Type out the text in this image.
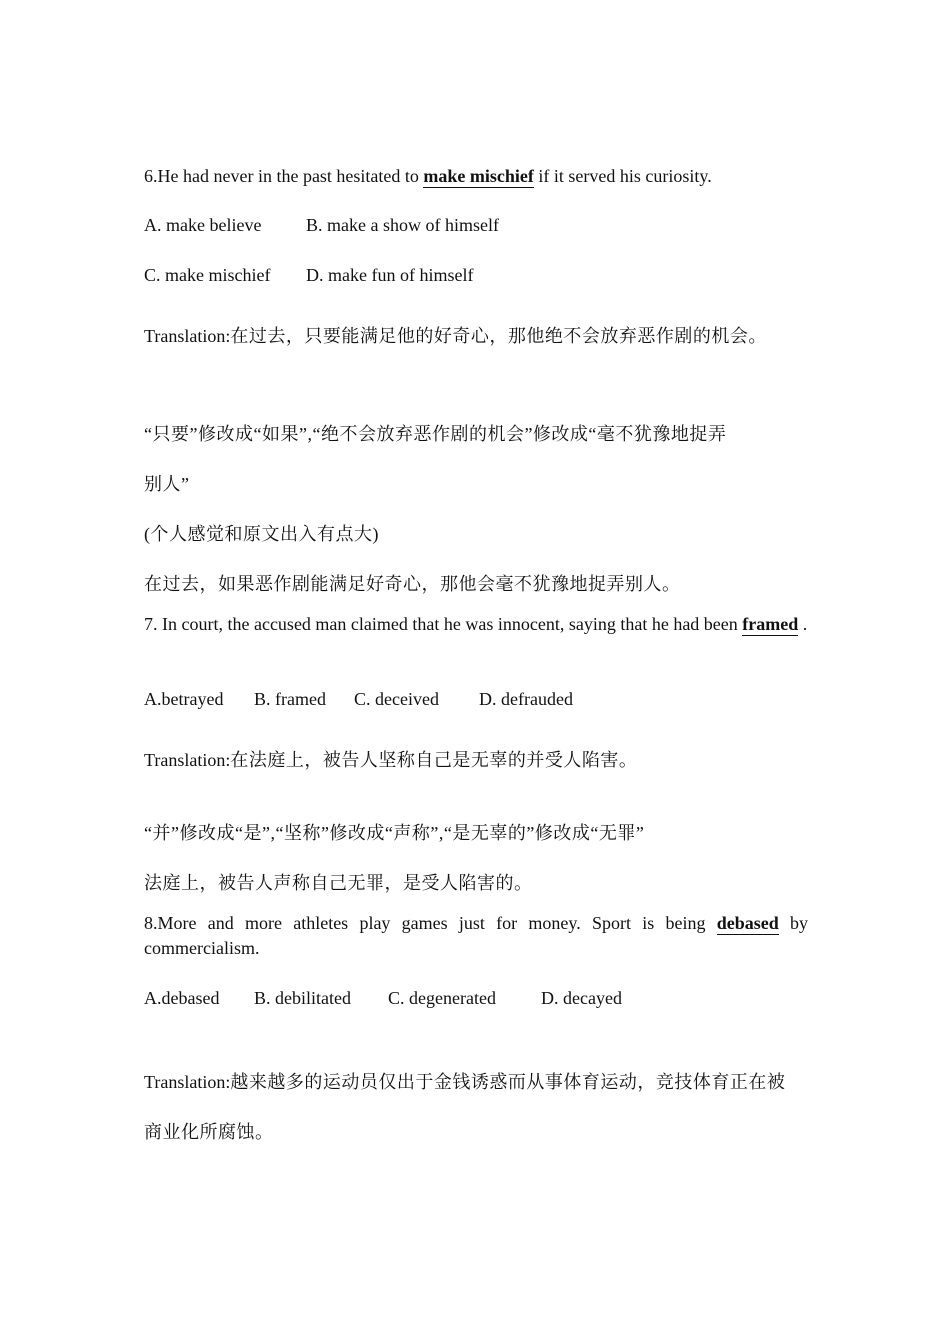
6.He had never in the past hesitated to make mischief if it served his curiosity.
A. make believe B. make a show of himself
C. make mischief D. make fun of himself
Translation:在过去，只要能满足他的好奇心，那他绝不会放弃恶作剧的机会。
“只要”修改成“如果”,“绝不会放弃恶作剧的机会”修改成“毫不犹豫地捉弄
别人”
(个人感觉和原文出入有点大)
在过去，如果恶作剧能满足好奇心，那他会毫不犹豫地捉弄别人。
7. In court, the accused man claimed that he was innocent, saying that he had been framed .
A.betrayed B. framed C. deceived D. defrauded
Translation:在法庭上，被告人坚称自己是无辜的并受人陷害。
“并”修改成“是”,“坚称”修改成“声称”,“是无辜的”修改成“无罪”
法庭上，被告人声称自己无罪，是受人陷害的。
8.More and more athletes play games just for money. Sport is being debased by commercialism.
A.debased B. debilitated C. degenerated	D. decayed
Translation:越来越多的运动员仅出于金钱诱惑而从事体育运动，竞技体育正在被
商业化所腐蚀。
